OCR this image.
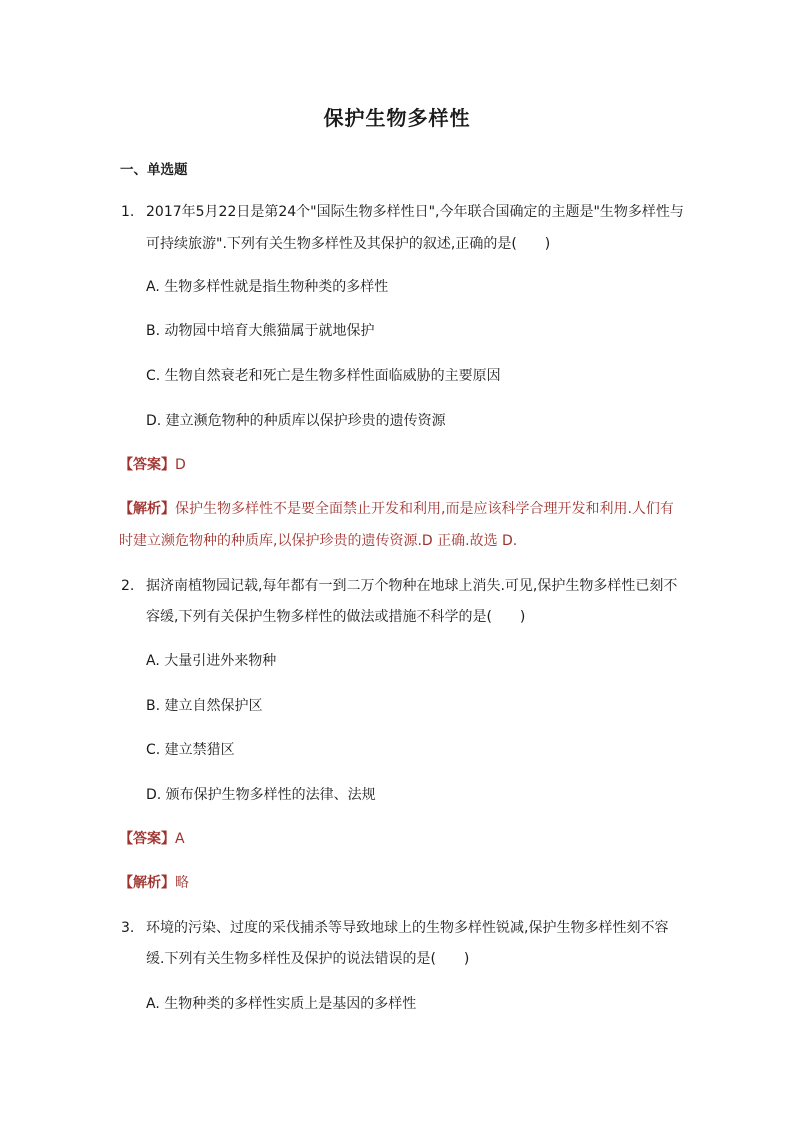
保护生物多样性
一、单选题
1. 2017年5月22日是第24个"国际生物多样性日",今年联合国确定的主题是"生物多样性与
可持续旅游".下列有关生物多样性及其保护的叙述,正确的是(　　)
A. 生物多样性就是指生物种类的多样性
B. 动物园中培育大熊猫属于就地保护
C. 生物自然衰老和死亡是生物多样性面临威胁的主要原因
D. 建立濒危物种的种质库以保护珍贵的遗传资源
【答案】D
【解析】保护生物多样性不是要全面禁止开发和利用,而是应该科学合理开发和利用.人们有
时建立濒危物种的种质库,以保护珍贵的遗传资源.D 正确.故选 D.
2. 据济南植物园记载,每年都有一到二万个物种在地球上消失.可见,保护生物多样性已刻不
容缓,下列有关保护生物多样性的做法或措施不科学的是(　　)
A. 大量引进外来物种
B. 建立自然保护区
C. 建立禁猎区
D. 颁布保护生物多样性的法律、法规
【答案】A
【解析】略
3. 环境的污染、过度的采伐捕杀等导致地球上的生物多样性锐减,保护生物多样性刻不容
缓.下列有关生物多样性及保护的说法错误的是(　　)
A. 生物种类的多样性实质上是基因的多样性
